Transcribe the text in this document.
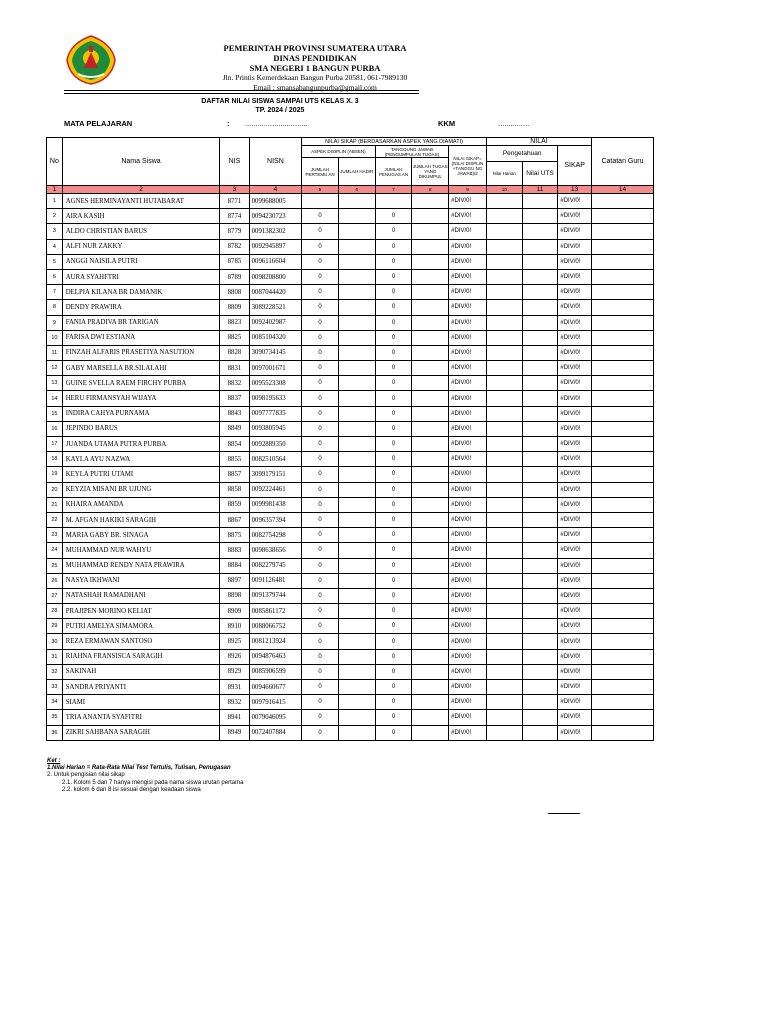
PEMERINTAH PROVINSI SUMATERA UTARA
DINAS PENDIDIKAN
SMA NEGERI 1 BANGUN PURBA
Jln. Printis Kemerdekaan Bangun Purba 20581, 061-7989130
Email : smansabangunpurba@gmail.com
DAFTAR NILAI SISWA SAMPAI UTS KELAS X. 3
TP. 2024 / 2025
MATA PELAJARAN	: ..............................	KKM	...............
No	Nama Siswa	NIS	NISN	NILAI SIKAP (BERDASARKAN ASPEK YANG DIAMATI)					NILAI			Catatan Guru
				ASPEK DISIPLIN (ABSEN)		TANGGUNG JAWAB (PENGUMPULAN TUGAS)		NILAI SIKAP= (NILAI DISPLIN +TANGGU NG JAWAB)/2	Pengetahuan		SIKAP	
				JUMLAH PERTEMU AN	JUMLAH HADIR	JUMLAH PENUGAS AN	JUMLAH TUGAS YANG DIKUMPUL					
									Nilai Harian	Nilai UTS		
1	2	3	4	5	6	7	8	9	10	11	13	14
1	AGNES HERMINAYANTI HUTABARAT	8771	0099688005					#DIV/0!			#DIV/0!	
2	AIRA KASIH	8774	0094230723	0		0		#DIV/0!			#DIV/0!	
3	ALDO CHRISTIAN BARUS	8779	0091382302	0		0		#DIV/0!			#DIV/0!	
4	ALFI NUR ZAKKY	8782	0092945897	0		0		#DIV/0!			#DIV/0!	
5	ANGGI NAISILA PUTRI	8785	0096116604	0		0		#DIV/0!			#DIV/0!	
6	AURA SYAHFTRI	8789	0098208800	0		0		#DIV/0!			#DIV/0!	
7	DELPIA KILANA BR DAMANIK	8808	0087044420	0		0		#DIV/0!			#DIV/0!	
8	DENDY PRAWIRA	8809	3089228521	0		0		#DIV/0!			#DIV/0!	
9	FANIA PRADIVA BR TARIGAN	8823	0092402987	0		0		#DIV/0!			#DIV/0!	
10	FARISA DWI ESTIANA	8825	0085104320	0		0		#DIV/0!			#DIV/0!	
11	FINZAH ALFARIS PRASETIYA NASUTION	8828	3090734145	0		0		#DIV/0!			#DIV/0!	
12	GABY MARSELLA BR.SILALAHI	8831	0097001671	0		0		#DIV/0!			#DIV/0!	
13	GUINE SVELLA RAEM FIRCHY PURBA	8832	0095523308	0		0		#DIV/0!			#DIV/0!	
14	HERU FIRMANSYAH WIJAYA	8837	0098195633	0		0		#DIV/0!			#DIV/0!	
15	INDIRA CAHYA PURNAMA	8843	0097777835	0		0		#DIV/0!			#DIV/0!	
16	JEPINDO BARUS	8849	0093805945	0		0		#DIV/0!			#DIV/0!	
17	JUANDA UTAMA PUTRA PURBA	8854	0092889350	0		0		#DIV/0!			#DIV/0!	
18	KAYLA AYU NAZWA	8855	0082510564	0		0		#DIV/0!			#DIV/0!	
19	KEYLA PUTRI UTAMI	8857	3099179151	0		0		#DIV/0!			#DIV/0!	
20	KEYZIA MISANI BR UJUNG	8858	0092224461	0		0		#DIV/0!			#DIV/0!	
21	KHAIRA AMANDA	8859	0099981438	0		0		#DIV/0!			#DIV/0!	
22	M. AFGAN HAKIKI SARAGIH	8867	0096357394	0		0		#DIV/0!			#DIV/0!	
23	MARIA GABY BR. SINAGA	8875	0082754298	0		0		#DIV/0!			#DIV/0!	
24	MUHAMMAD NUR WAHYU	8883	0098638656	0		0		#DIV/0!			#DIV/0!	
25	MUHAMMAD RENDY NATA PRAWIRA	8884	0082279745	0		0		#DIV/0!			#DIV/0!	
26	NASYA IKHWANI	8897	0091126481	0		0		#DIV/0!			#DIV/0!	
27	NATASHAH RAMADHANI	8898	0091379744	0		0		#DIV/0!			#DIV/0!	
28	PRAJIPEN MORINO KELIAT	8909	0085861172	0		0		#DIV/0!			#DIV/0!	
29	PUTRI AMELYA SIMAMORA	8910	0088066752	0		0		#DIV/0!			#DIV/0!	
30	REZA ERMAWAN SANTOSO	8925	0081213924	0		0		#DIV/0!			#DIV/0!	
31	RIAHNA FRANSISCA SARAGIH	8926	0094876463	0		0		#DIV/0!			#DIV/0!	
32	SAKINAH	8929	0085906599	0		0		#DIV/0!			#DIV/0!	
33	SANDRA PRIYANTI	8931	0094660677	0		0		#DIV/0!			#DIV/0!	
34	SIAMI	8932	0097916415	0		0		#DIV/0!			#DIV/0!	
35	TRIA ANANTA SYAFITRI	8941	0079046095	0		0		#DIV/0!			#DIV/0!	
36	ZIKRI SAHBANA SARAGIH	8949	0072407884	0		0		#DIV/0!			#DIV/0!	
Ket :
1.Nilai Harian = Rata-Rata Nilai Test Tertulis, Tulisan, Penugasan
2. Untuk pengisian nilai sikap
2.1. Kolom 5 dan 7 hanya mengisi pada nama siswa urutan pertama
2.2. kolom 6 dan 8 isi sesuai dengan keadaan siswa
